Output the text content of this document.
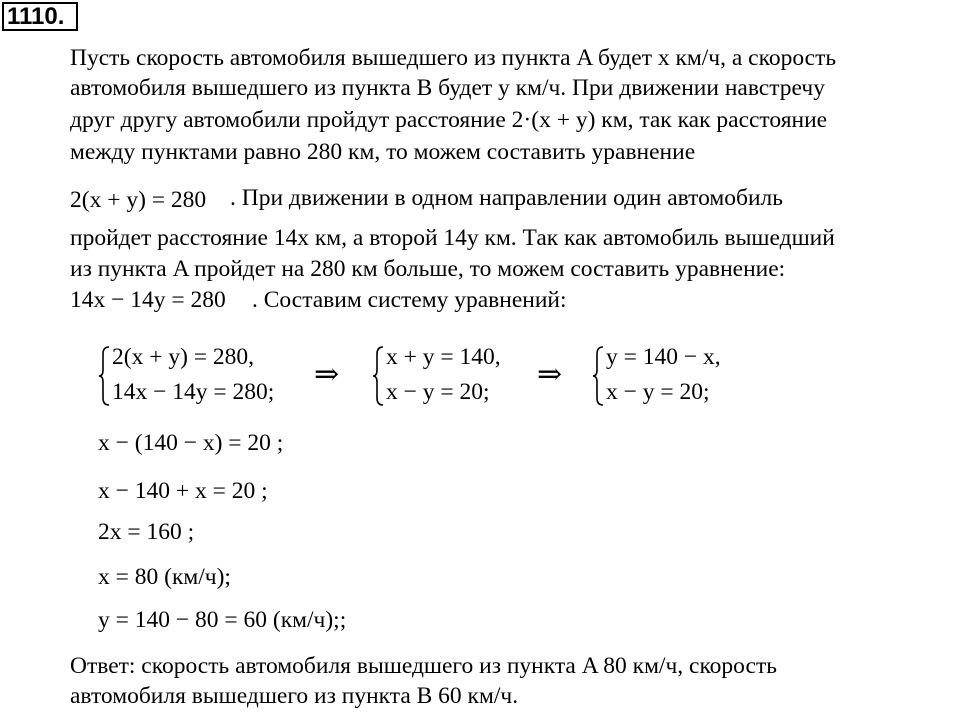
1110.
Пусть скорость автомобиля вышедшего из пункта A будет x км/ч, а скорость
автомобиля вышедшего из пункта B будет y км/ч. При движении навстречу
друг другу автомобили пройдут расстояние 2·(x + y) км, так как расстояние
между пунктами равно 280 км, то можем составить уравнение
2(x + y) = 280 . При движении в одном направлении один автомобиль
пройдет расстояние 14x км, а второй 14y км. Так как автомобиль вышедший
из пункта A пройдет на 280 км больше, то можем составить уравнение:
14x − 14y = 280 . Составим систему уравнений:
2(x + y) = 280,
14x − 14y = 280;
⇒
x + y = 140,
x − y = 20;
⇒
y = 140 − x,
x − y = 20;
x − (140 − x) = 20 ;
x − 140 + x = 20 ;
2x = 160 ;
x = 80 (км/ч);
y = 140 − 80 = 60 (км/ч);;
Ответ: скорость автомобиля вышедшего из пункта A 80 км/ч, скорость
автомобиля вышедшего из пункта B 60 км/ч.
